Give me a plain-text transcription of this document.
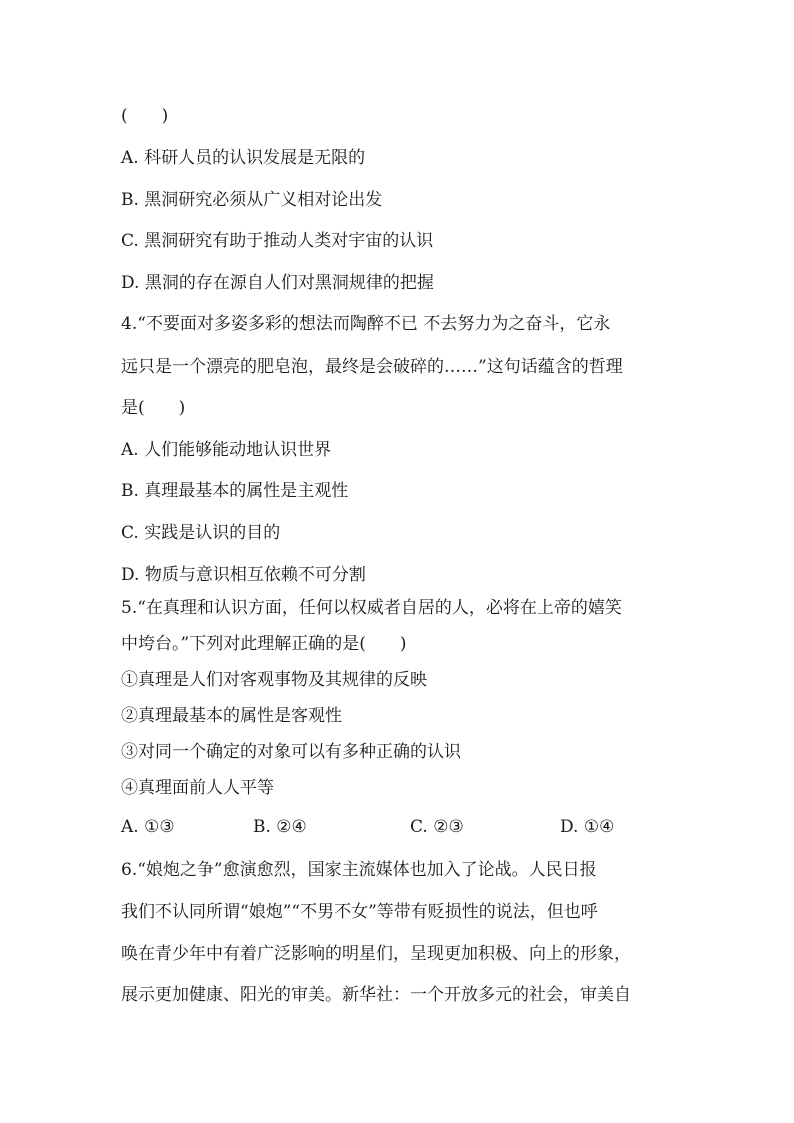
(　　)
A. 科研人员的认识发展是无限的
B. 黑洞研究必须从广义相对论出发
C. 黑洞研究有助于推动人类对宇宙的认识
D. 黑洞的存在源自人们对黑洞规律的把握
4.“不要面对多姿多彩的想法而陶醉不已 不去努力为之奋斗，它永
远只是一个漂亮的肥皂泡，最终是会破碎的……”这句话蕴含的哲理
是(　　)
A. 人们能够能动地认识世界
B. 真理最基本的属性是主观性
C. 实践是认识的目的
D. 物质与意识相互依赖不可分割
5.“在真理和认识方面，任何以权威者自居的人，必将在上帝的嬉笑
中垮台。”下列对此理解正确的是(　　)
①真理是人们对客观事物及其规律的反映
②真理最基本的属性是客观性
③对同一个确定的对象可以有多种正确的认识
④真理面前人人平等
A. ①③	B. ②④	C. ②③	D. ①④
6.“娘炮之争”愈演愈烈，国家主流媒体也加入了论战。人民日报
我们不认同所谓“娘炮”“不男不女”等带有贬损性的说法，但也呼
唤在青少年中有着广泛影响的明星们，呈现更加积极、向上的形象，
展示更加健康、阳光的审美。新华社：一个开放多元的社会，审美自
